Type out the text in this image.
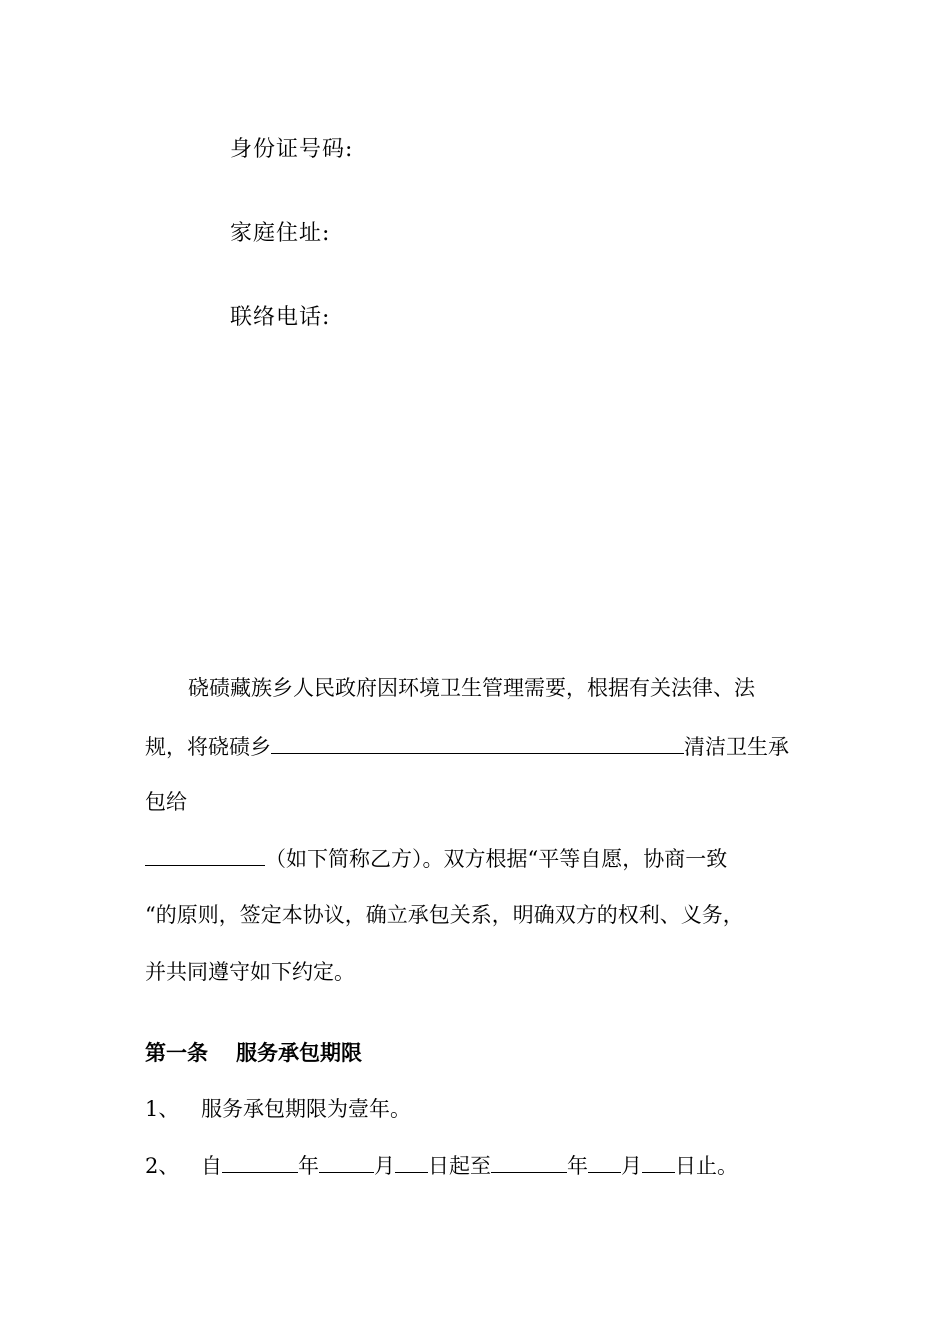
身份证号码:
家庭住址:
联络电话:
硗碛藏族乡人民政府因环境卫生管理需要，根据有关法律、法
规，将硗碛乡	清洁卫生承
包给
（如下简称乙方）。双方根据“平等自愿，协商一致
“的原则，签定本协议，确立承包关系，明确双方的权利、义务，
并共同遵守如下约定。
第一条 服务承包期限
1、 服务承包期限为壹年。
2、 自	年	月 日起至	年 月 日止。
